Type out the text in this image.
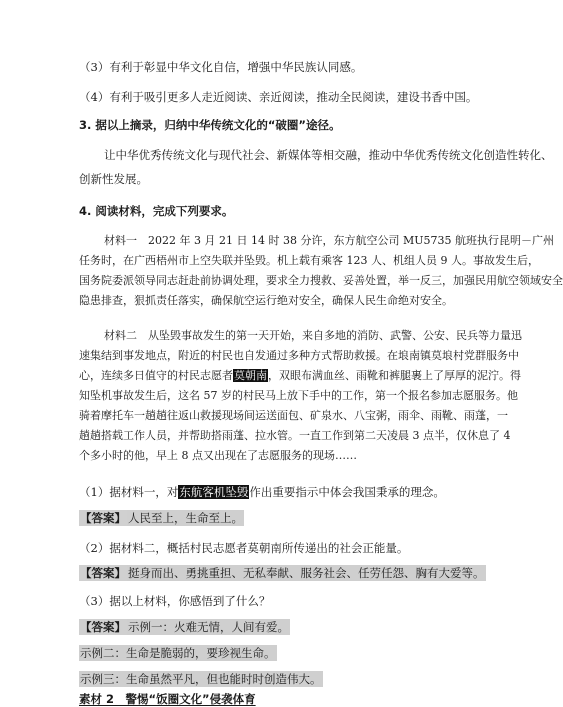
（3）有利于彰显中华文化自信，增强中华民族认同感。
（4）有利于吸引更多人走近阅读、亲近阅读，推动全民阅读，建设书香中国。
3. 据以上摘录，归纳中华传统文化的“破圈”途径。
让中华优秀传统文化与现代社会、新媒体等相交融，推动中华优秀传统文化创造性转化、
创新性发展。
4. 阅读材料，完成下列要求。
材料一　2022 年 3 月 21 日 14 时 38 分许，东方航空公司 MU5735 航班执行昆明－广州
任务时，在广西梧州市上空失联并坠毁。机上载有乘客 123 人、机组人员 9 人。事故发生后，
国务院委派领导同志赶赴前协调处理，要求全力搜救、妥善处置，举一反三，加强民用航空领域安全
隐患排查，狠抓责任落实，确保航空运行绝对安全，确保人民生命绝对安全。
材料二　从坠毁事故发生的第一天开始，来自多地的消防、武警、公安、民兵等力量迅
速集结到事发地点，附近的村民也自发通过多种方式帮助救援。在埌南镇莫埌村党群服务中
心，连续多日值守的村民志愿者莫朝南，双眼布满血丝、雨靴和裤腿裹上了厚厚的泥泞。得
知坠机事故发生后，这名 57 岁的村民马上放下手中的工作，第一个报名参加志愿服务。他
骑着摩托车一趟趟往返山救援现场间运送面包、矿泉水、八宝粥，雨伞、雨靴、雨蓬，一
趟趟搭载工作人员，并帮助搭雨蓬、拉水管。一直工作到第二天凌晨 3 点半，仅休息了 4
个多小时的他，早上 8 点又出现在了志愿服务的现场……
（1）据材料一，对东航客机坠毁作出重要指示中体会我国秉承的理念。
【答案】 人民至上，生命至上。
（2）据材料二，概括村民志愿者莫朝南所传递出的社会正能量。
【答案】 挺身而出、勇挑重担、无私奉献、服务社会、任劳任怨、胸有大爱等。
（3）据以上材料，你感悟到了什么？
【答案】 示例一：火难无情，人间有爱。
示例二：生命是脆弱的，要珍视生命。
示例三：生命虽然平凡，但也能时时创造伟大。
素材 2　警惕“饭圈文化”侵袭体育
